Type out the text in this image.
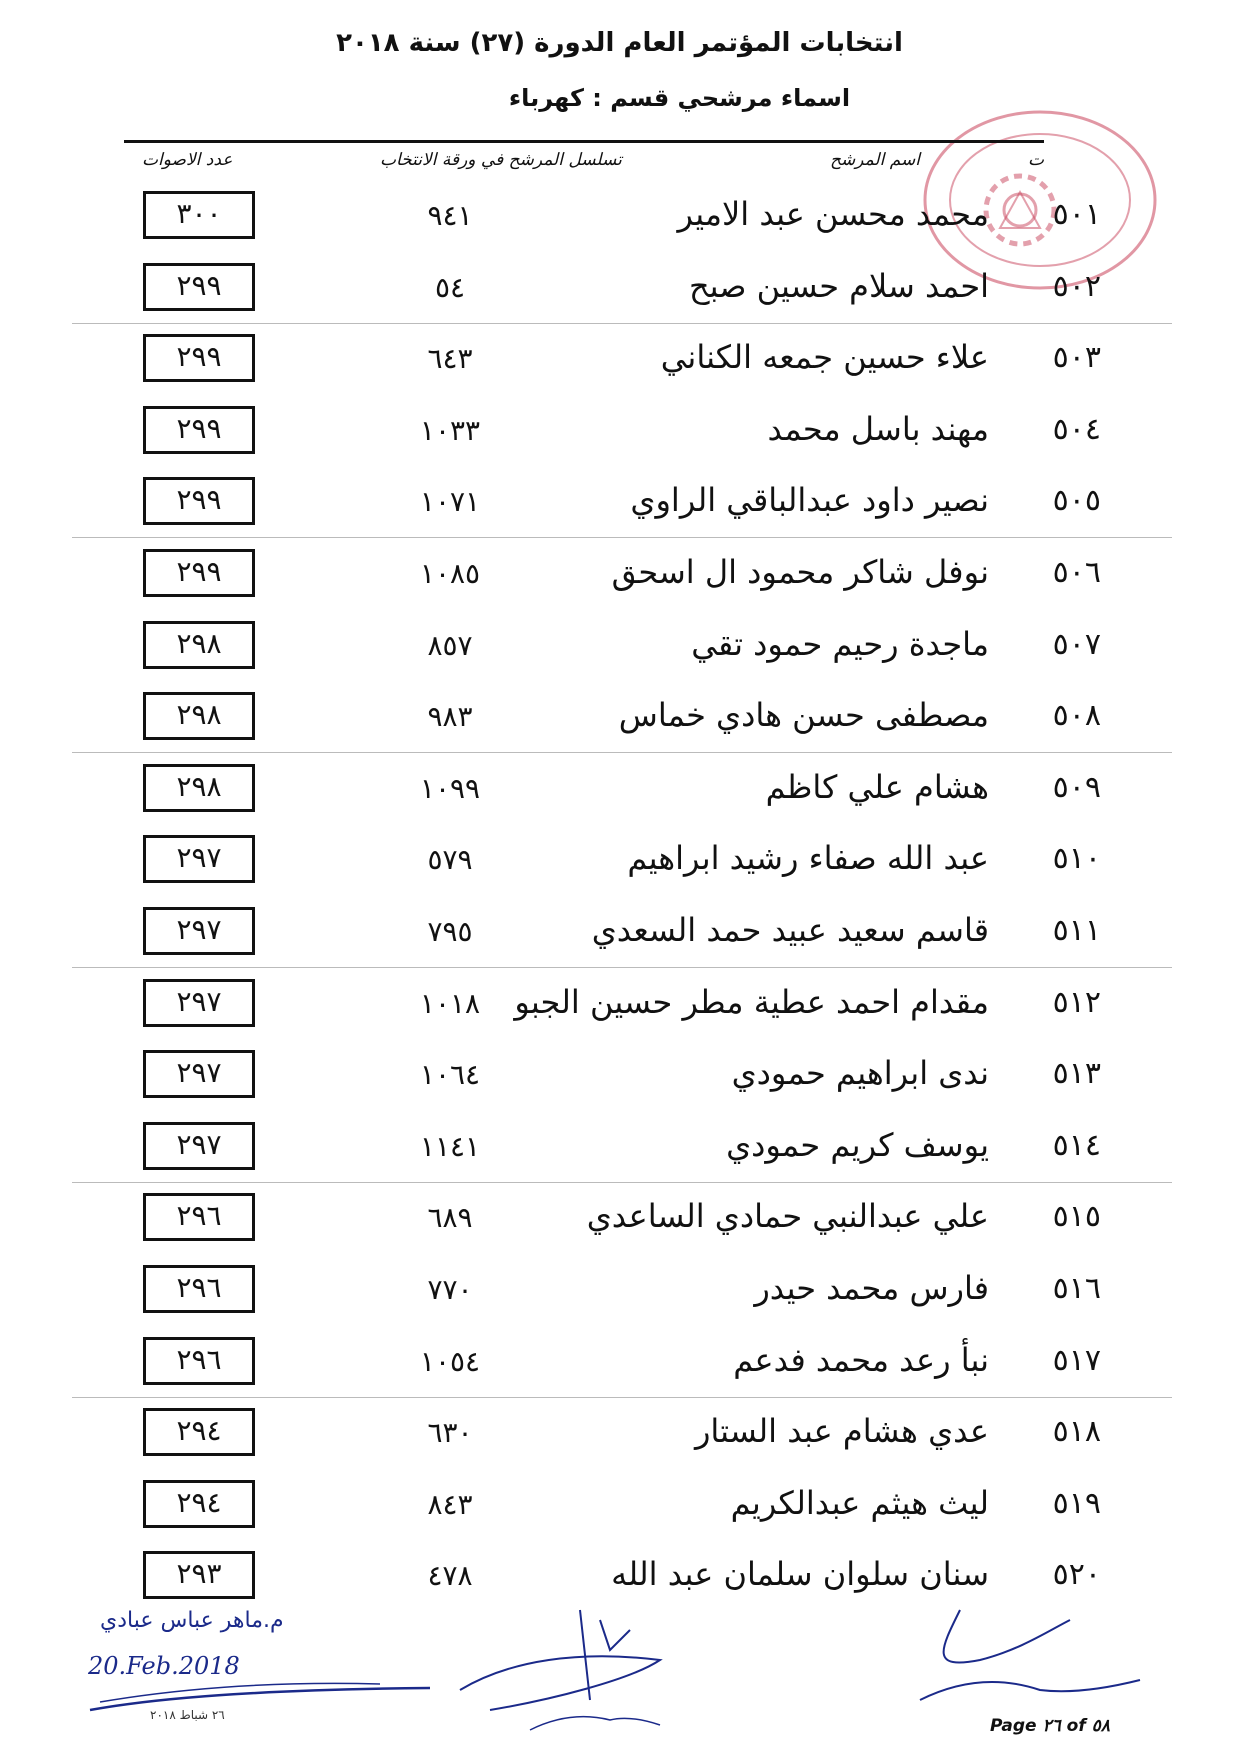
انتخابات المؤتمر العام الدورة (٢٧) سنة ٢٠١٨
اسماء مرشحي قسم : كهرباء
ت
اسم المرشح
تسلسل المرشح في ورقة الانتخاب
عدد الاصوات
٥٠١
محمد محسن عبد الامير
٩٤١
٣٠٠
٥٠٢
احمد سلام حسين صبح
٥٤
٢٩٩
٥٠٣
علاء حسين جمعه الكناني
٦٤٣
٢٩٩
٥٠٤
مهند باسل محمد
١٠٣٣
٢٩٩
٥٠٥
نصير داود عبدالباقي الراوي
١٠٧١
٢٩٩
٥٠٦
نوفل شاكر محمود ال اسحق
١٠٨٥
٢٩٩
٥٠٧
ماجدة رحيم حمود تقي
٨٥٧
٢٩٨
٥٠٨
مصطفى حسن هادي خماس
٩٨٣
٢٩٨
٥٠٩
هشام علي كاظم
١٠٩٩
٢٩٨
٥١٠
عبد الله صفاء رشيد ابراهيم
٥٧٩
٢٩٧
٥١١
قاسم سعيد عبيد حمد السعدي
٧٩٥
٢٩٧
٥١٢
مقدام احمد عطية مطر حسين الجبو
١٠١٨
٢٩٧
٥١٣
ندى ابراهيم حمودي
١٠٦٤
٢٩٧
٥١٤
يوسف كريم حمودي
١١٤١
٢٩٧
٥١٥
علي عبدالنبي حمادي الساعدي
٦٨٩
٢٩٦
٥١٦
فارس محمد حيدر
٧٧٠
٢٩٦
٥١٧
نبأ رعد محمد فدعم
١٠٥٤
٢٩٦
٥١٨
عدي هشام عبد الستار
٦٣٠
٢٩٤
٥١٩
ليث هيثم عبدالكريم
٨٤٣
٢٩٤
٥٢٠
سنان سلوان سلمان عبد الله
٤٧٨
٢٩٣
م.ماهر عباس عبادي
20.Feb.2018
٢٦ شباط ٢٠١٨
Page ٢٦ of ٥٨
